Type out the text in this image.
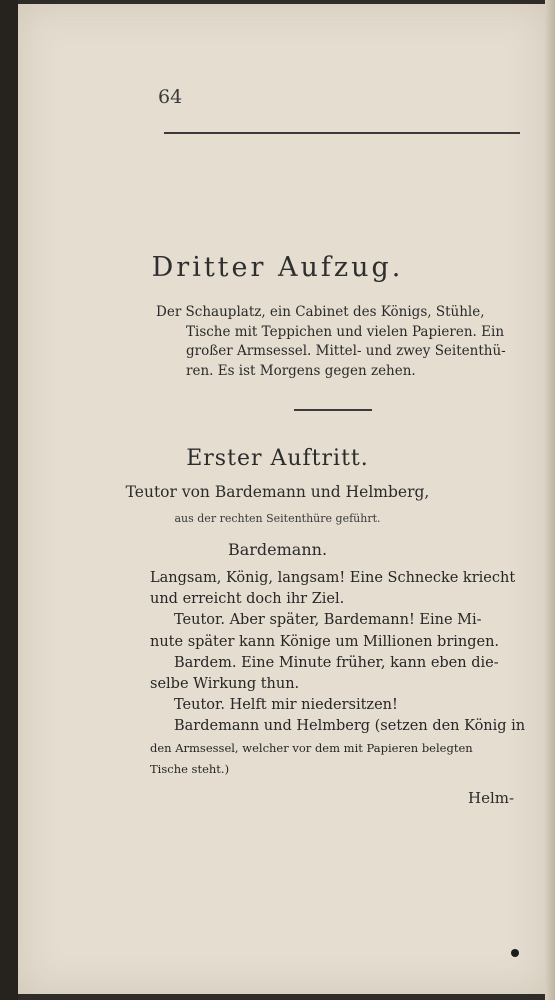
64
Dritter Aufzug.
Der Schauplatz, ein Cabinet des Königs, Stühle,
Tische mit Teppichen und vielen Papieren. Ein
großer Armsessel. Mittel- und zwey Seitenthü-
ren. Es ist Morgens gegen zehen.
Erster Auftritt.
Teutor von Bardemann und Helmberg,
aus der rechten Seitenthüre geführt.
Bardemann.
Langsam, König, langsam! Eine Schnecke kriecht
und erreicht doch ihr Ziel.
Teutor. Aber später, Bardemann! Eine Mi-
nute später kann Könige um Millionen bringen.
Bardem. Eine Minute früher, kann eben die-
selbe Wirkung thun.
Teutor. Helft mir niedersitzen!
Bardemann und Helmberg (setzen den König in
den Armsessel, welcher vor dem mit Papieren belegten
Tische steht.)
Helm-
